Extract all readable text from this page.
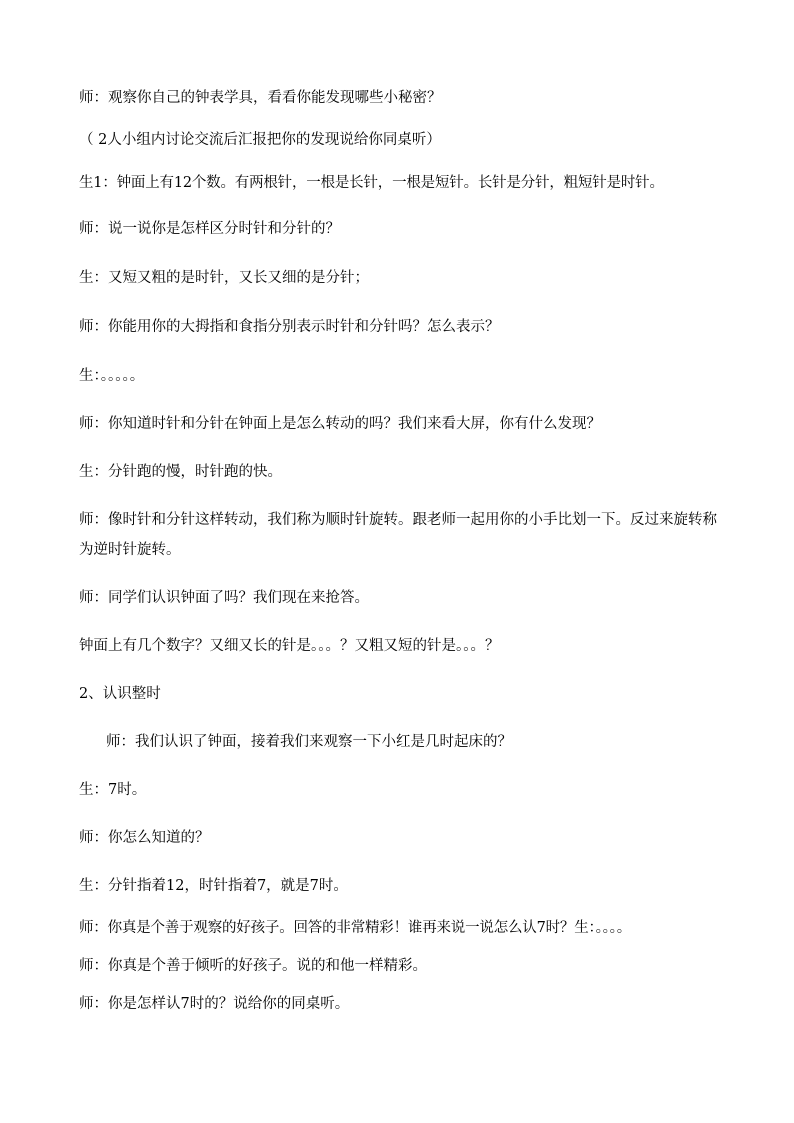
师：观察你自己的钟表学具，看看你能发现哪些小秘密？

（ 2人小组内讨论交流后汇报把你的发现说给你同桌听）

生1：钟面上有12个数。有两根针，一根是长针，一根是短针。长针是分针，粗短针是时针。

师：说一说你是怎样区分时针和分针的？

生：又短又粗的是时针，又长又细的是分针；

师：你能用你的大拇指和食指分别表示时针和分针吗？怎么表示？

生：。。。。。

师：你知道时针和分针在钟面上是怎么转动的吗？我们来看大屏，你有什么发现？

生：分针跑的慢，时针跑的快。

师：像时针和分针这样转动，我们称为顺时针旋转。跟老师一起用你的小手比划一下。反过来旋转称为逆时针旋转。

师：同学们认识钟面了吗？我们现在来抢答。

钟面上有几个数字？又细又长的针是。。。？又粗又短的针是。。。？

2、认识整时

师：我们认识了钟面，接着我们来观察一下小红是几时起床的？

生：7时。

师：你怎么知道的？

生：分针指着12，时针指着7，就是7时。

师：你真是个善于观察的好孩子。回答的非常精彩！谁再来说一说怎么认7时？生：。。。。

师：你真是个善于倾听的好孩子。说的和他一样精彩。

师：你是怎样认7时的？说给你的同桌听。
